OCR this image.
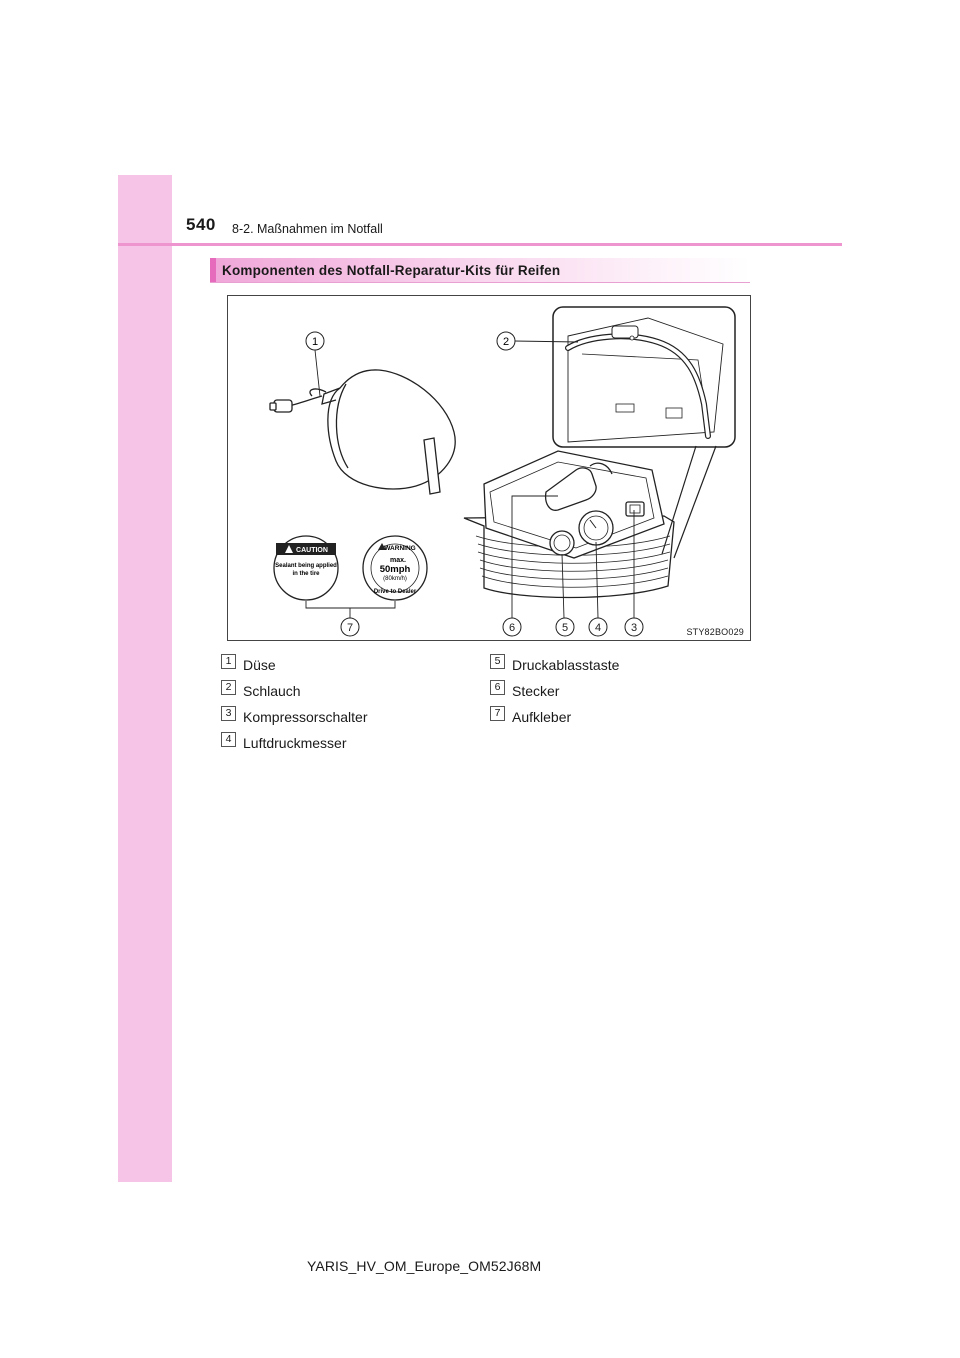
540 8-2. Maßnahmen im Notfall
Komponenten des Notfall-Reparatur-Kits für Reifen
1	2
CAUTION
Sealant being applied
in the tire
WARNING
max.
50mph
(80km/h)
Drive to Dealer
7	6	5 4	3	STY82BO029
1 Düse
2 Schlauch
3 Kompressorschalter
4 Luftdruckmesser
5 Druckablasstaste
6 Stecker
7 Aufkleber
YARIS_HV_OM_Europe_OM52J68M
